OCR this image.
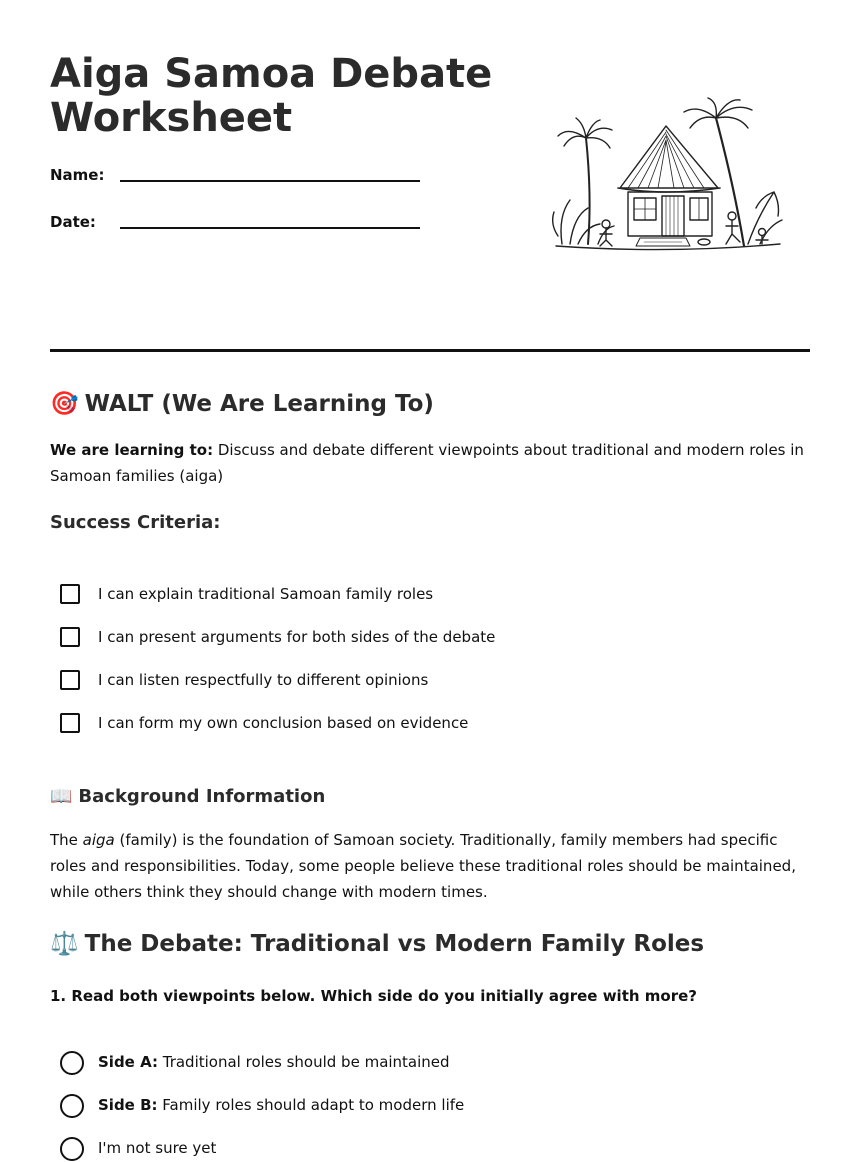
Aiga Samoa Debate Worksheet
Name:
Date:
🎯 WALT (We Are Learning To)
We are learning to: Discuss and debate different viewpoints about traditional and modern roles in Samoan families (aiga)
Success Criteria:
I can explain traditional Samoan family roles
I can present arguments for both sides of the debate
I can listen respectfully to different opinions
I can form my own conclusion based on evidence
📖 Background Information
The aiga (family) is the foundation of Samoan society. Traditionally, family members had specific roles and responsibilities. Today, some people believe these traditional roles should be maintained, while others think they should change with modern times.
⚖️ The Debate: Traditional vs Modern Family Roles
1. Read both viewpoints below. Which side do you initially agree with more?
Side A: Traditional roles should be maintained
Side B: Family roles should adapt to modern life
I'm not sure yet
